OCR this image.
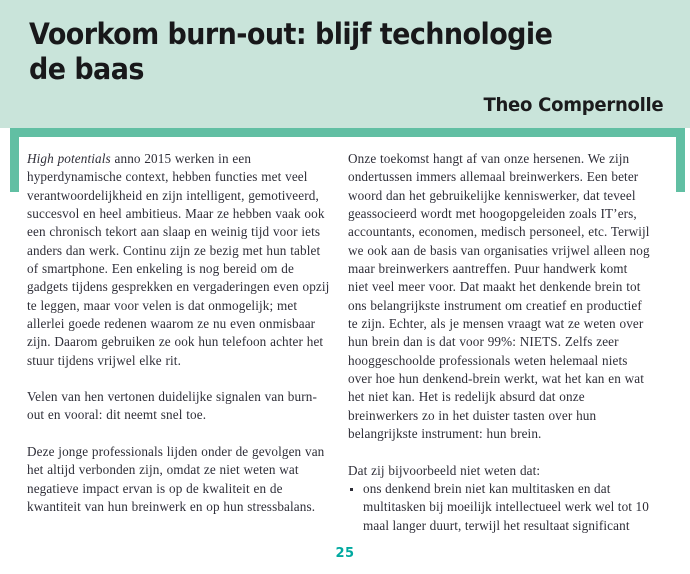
Voorkom burn-out: blijf technologie de baas
Theo Compernolle

High potentials anno 2015 werken in een hyperdynamische context, hebben functies met veel verantwoordelijkheid en zijn intelligent, gemotiveerd, succesvol en heel ambitieus. Maar ze hebben vaak ook een chronisch tekort aan slaap en weinig tijd voor iets anders dan werk. Continu zijn ze bezig met hun tablet of smartphone. Een enkeling is nog bereid om de gadgets tijdens gesprekken en vergaderingen even opzij te leggen, maar voor velen is dat onmogelijk; met allerlei goede redenen waarom ze nu even onmisbaar zijn. Daarom gebruiken ze ook hun telefoon achter het stuur tijdens vrijwel elke rit.

Velen van hen vertonen duidelijke signalen van burn-out en vooral: dit neemt snel toe.

Deze jonge professionals lijden onder de gevolgen van het altijd verbonden zijn, omdat ze niet weten wat negatieve impact ervan is op de kwaliteit en de kwantiteit van hun breinwerk en op hun stressbalans.

Onze toekomst hangt af van onze hersenen. We zijn ondertussen immers allemaal breinwerkers. Een beter woord dan het gebruikelijke kenniswerker, dat teveel geassocieerd wordt met hoogopgeleiden zoals IT’ers, accountants, economen, medisch personeel, etc. Terwijl we ook aan de basis van organisaties vrijwel alleen nog maar breinwerkers aantreffen. Puur handwerk komt niet veel meer voor. Dat maakt het denkende brein tot ons belangrijkste instrument om creatief en productief te zijn. Echter, als je mensen vraagt wat ze weten over hun brein dan is dat voor 99%: NIETS. Zelfs zeer hooggeschoolde professionals weten helemaal niets over hoe hun denkend-brein werkt, wat het kan en wat het niet kan. Het is redelijk absurd dat onze breinwerkers zo in het duister tasten over hun belangrijkste instrument: hun brein.

Dat zij bijvoorbeeld niet weten dat:

ons denkend brein niet kan multitasken en dat multitasken bij moeilijk intellectueel werk wel tot 10 maal langer duurt, terwijl het resultaat significant
25
